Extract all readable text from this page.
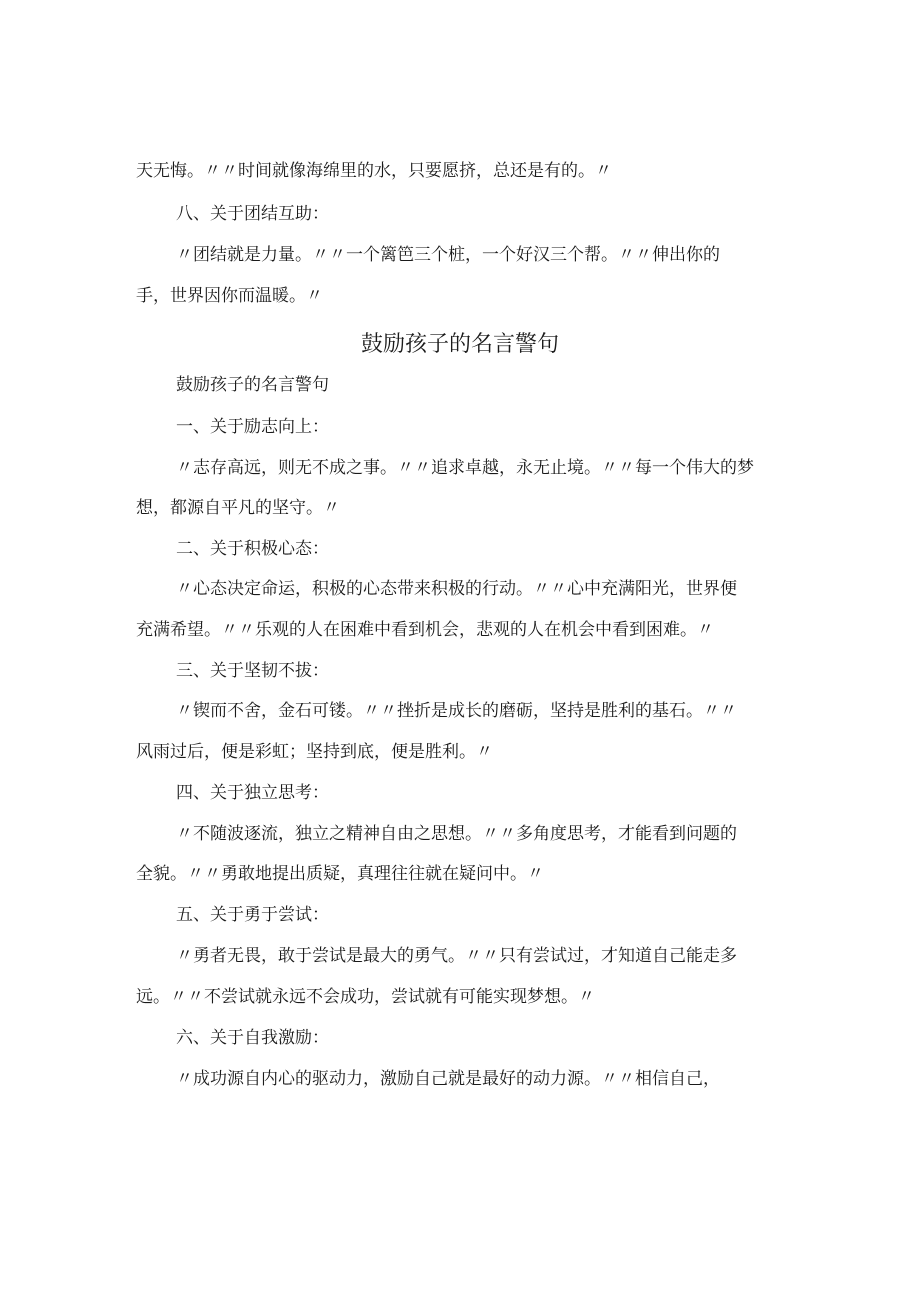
天无悔。〃〃时间就像海绵里的水，只要愿挤，总还是有的。〃
八、关于团结互助：
〃团结就是力量。〃〃一个篱笆三个桩，一个好汉三个帮。〃〃伸出你的
手，世界因你而温暖。〃
鼓励孩子的名言警句
鼓励孩子的名言警句
一、关于励志向上：
〃志存高远，则无不成之事。〃〃追求卓越，永无止境。〃〃每一个伟大的梦
想，都源自平凡的坚守。〃
二、关于积极心态：
〃心态决定命运，积极的心态带来积极的行动。〃〃心中充满阳光，世界便
充满希望。〃〃乐观的人在困难中看到机会，悲观的人在机会中看到困难。〃
三、关于坚韧不拔：
〃锲而不舍，金石可镂。〃〃挫折是成长的磨砺，坚持是胜利的基石。〃〃
风雨过后，便是彩虹；坚持到底，便是胜利。〃
四、关于独立思考：
〃不随波逐流，独立之精神自由之思想。〃〃多角度思考，才能看到问题的
全貌。〃〃勇敢地提出质疑，真理往往就在疑问中。〃
五、关于勇于尝试：
〃勇者无畏，敢于尝试是最大的勇气。〃〃只有尝试过，才知道自己能走多
远。〃〃不尝试就永远不会成功，尝试就有可能实现梦想。〃
六、关于自我激励：
〃成功源自内心的驱动力，激励自己就是最好的动力源。〃〃相信自己，
